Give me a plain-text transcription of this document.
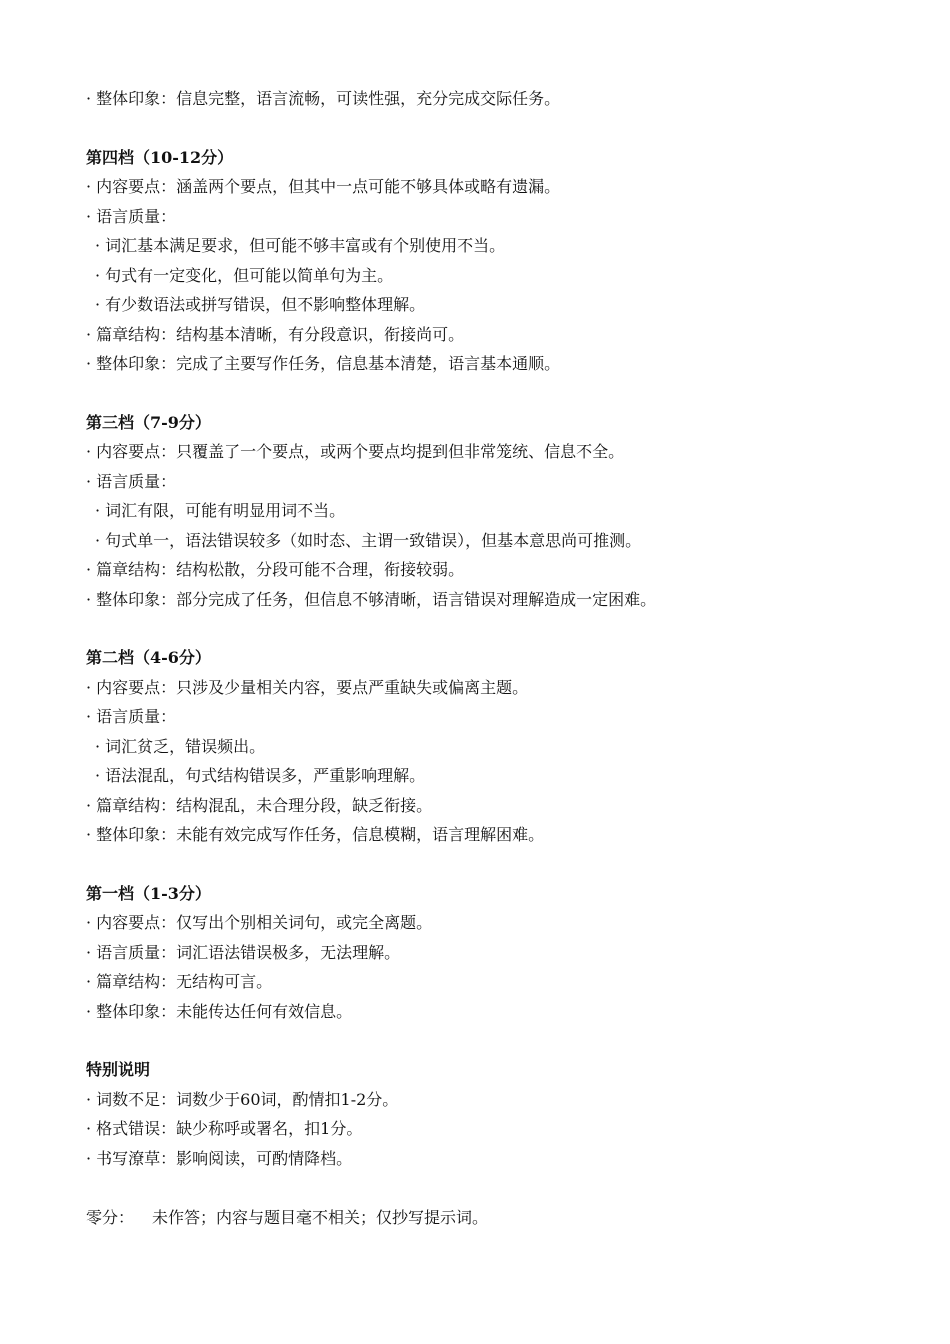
· 整体印象：信息完整，语言流畅，可读性强，充分完成交际任务。

第四档（10-12分）

· 内容要点：涵盖两个要点，但其中一点可能不够具体或略有遗漏。

· 语言质量：

· 词汇基本满足要求，但可能不够丰富或有个别使用不当。

· 句式有一定变化，但可能以简单句为主。

· 有少数语法或拼写错误，但不影响整体理解。

· 篇章结构：结构基本清晰，有分段意识，衔接尚可。

· 整体印象：完成了主要写作任务，信息基本清楚，语言基本通顺。

第三档（7-9分）

· 内容要点：只覆盖了一个要点，或两个要点均提到但非常笼统、信息不全。

· 语言质量：

· 词汇有限，可能有明显用词不当。

· 句式单一，语法错误较多（如时态、主谓一致错误），但基本意思尚可推测。

· 篇章结构：结构松散，分段可能不合理，衔接较弱。

· 整体印象：部分完成了任务，但信息不够清晰，语言错误对理解造成一定困难。

第二档（4-6分）

· 内容要点：只涉及少量相关内容，要点严重缺失或偏离主题。

· 语言质量：

· 词汇贫乏，错误频出。

· 语法混乱，句式结构错误多，严重影响理解。

· 篇章结构：结构混乱，未合理分段，缺乏衔接。

· 整体印象：未能有效完成写作任务，信息模糊，语言理解困难。

第一档（1-3分）

· 内容要点：仅写出个别相关词句，或完全离题。

· 语言质量：词汇语法错误极多，无法理解。

· 篇章结构：无结构可言。

· 整体印象：未能传达任何有效信息。

特别说明

· 词数不足：词数少于60词，酌情扣1-2分。

· 格式错误：缺少称呼或署名，扣1分。

· 书写潦草：影响阅读，可酌情降档。

零分： 未作答；内容与题目毫不相关；仅抄写提示词。
